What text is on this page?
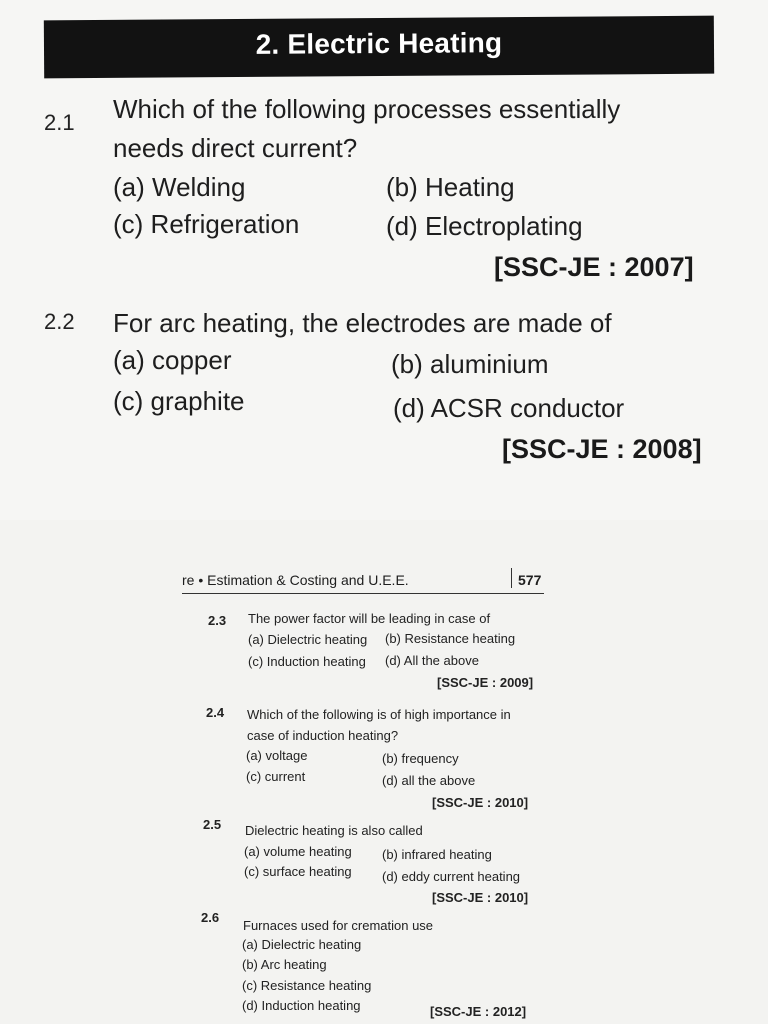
2. Electric Heating
2.1 Which of the following processes essentially
needs direct current?
(a) Welding	(b) Heating
(c) Refrigeration	(d) Electroplating
[SSC-JE : 2007]
2.2 For arc heating, the electrodes are made of
(a) copper	(b) aluminium
(c) graphite	(d) ACSR conductor
[SSC-JE : 2008]
re • Estimation & Costing and U.E.E.	577
2.3 The power factor will be leading in case of
(a) Dielectric heating (b) Resistance heating
(c) Induction heating (d) All the above
[SSC-JE : 2009]
2.4 Which of the following is of high importance in
case of induction heating?
(a) voltage	(b) frequency
(c) current	(d) all the above
[SSC-JE : 2010]
2.5 Dielectric heating is also called
(a) volume heating (b) infrared heating
(c) surface heating (d) eddy current heating
[SSC-JE : 2010]
2.6
Furnaces used for cremation use
(a) Dielectric heating
(b) Arc heating
(c) Resistance heating
(d) Induction heating	[SSC-JE : 2012]
